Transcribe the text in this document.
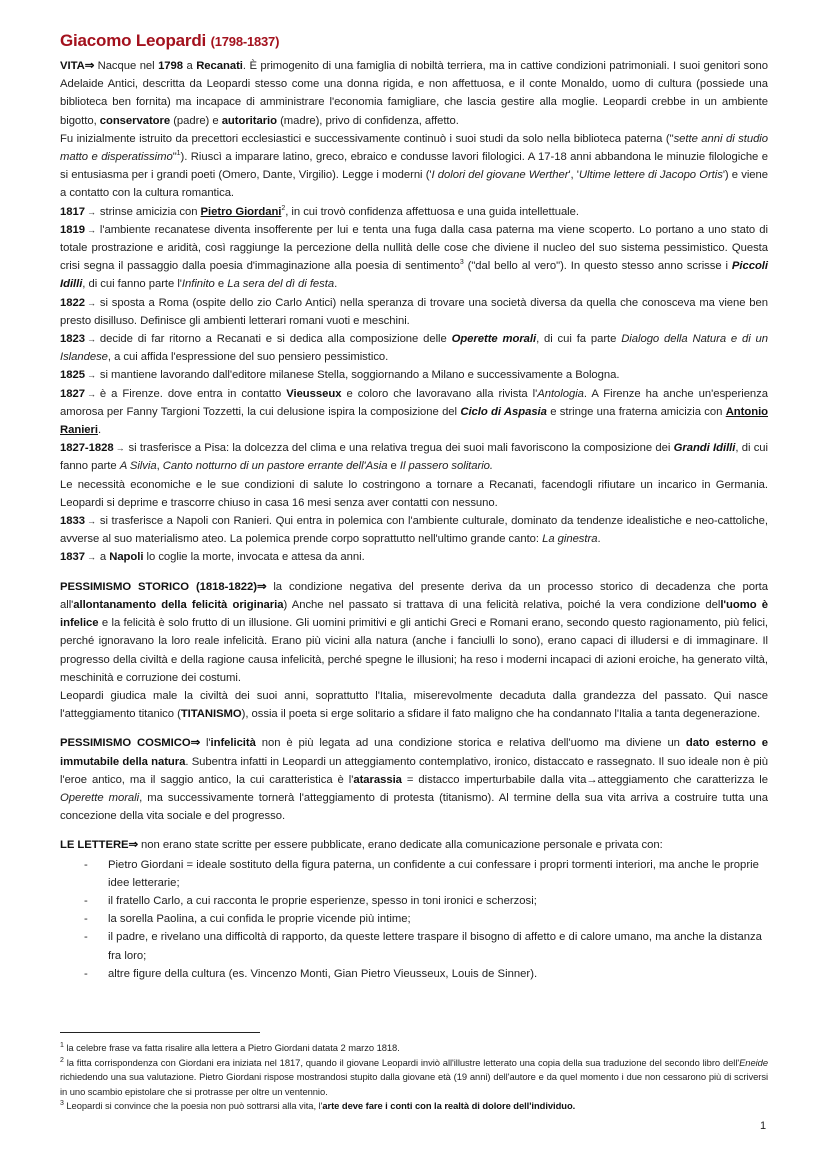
Giacomo Leopardi (1798-1837)

VITA⇒ Nacque nel 1798 a Recanati. È primogenito di una famiglia di nobiltà terriera, ma in cattive condizioni patrimoniali. I suoi genitori sono Adelaide Antici, descritta da Leopardi stesso come una donna rigida, e non affettuosa, e il conte Monaldo, uomo di cultura (possiede una biblioteca ben fornita) ma incapace di amministrare l'economia famigliare, che lascia gestire alla moglie. Leopardi crebbe in un ambiente bigotto, conservatore (padre) e autoritario (madre), privo di confidenza, affetto.

Fu inizialmente istruito da precettori ecclesiastici e successivamente continuò i suoi studi da solo nella biblioteca paterna ("sette anni di studio matto e disperatissimo"$^1$). Riuscì a imparare latino, greco, ebraico e condusse lavori filologici. A 17-18 anni abbandona le minuzie filologiche e si entusiasma per i grandi poeti (Omero, Dante, Virgilio). Legge i moderni ('I dolori del giovane Werther', 'Ultime lettere di Jacopo Ortis') e viene a contatto con la cultura romantica.

1817 → strinse amicizia con Pietro Giordani$^2$, in cui trovò confidenza affettuosa e una guida intellettuale.

1819 → l'ambiente recanatese diventa insofferente per lui e tenta una fuga dalla casa paterna ma viene scoperto. Lo portano a uno stato di totale prostrazione e aridità, così raggiunge la percezione della nullità delle cose che diviene il nucleo del suo sistema pessimistico. Questa crisi segna il passaggio dalla poesia d'immaginazione alla poesia di sentimento$^3$ ("dal bello al vero"). In questo stesso anno scrisse i Piccoli Idilli, di cui fanno parte l'Infinito e La sera del dì di festa.

1822 → si sposta a Roma (ospite dello zio Carlo Antici) nella speranza di trovare una società diversa da quella che conosceva ma viene ben presto disilluso. Definisce gli ambienti letterari romani vuoti e meschini.

1823 → decide di far ritorno a Recanati e si dedica alla composizione delle Operette morali, di cui fa parte Dialogo della Natura e di un Islandese, a cui affida l'espressione del suo pensiero pessimistico.

1825 → si mantiene lavorando dall'editore milanese Stella, soggiornando a Milano e successivamente a Bologna.

1827 → è a Firenze. dove entra in contatto Vieusseux e coloro che lavoravano alla rivista l'Antologia. A Firenze ha anche un'esperienza amorosa per Fanny Targioni Tozzetti, la cui delusione ispira la composizione del Ciclo di Aspasia e stringe una fraterna amicizia con Antonio Ranieri.

1827-1828 → si trasferisce a Pisa: la dolcezza del clima e una relativa tregua dei suoi mali favoriscono la composizione dei Grandi Idilli, di cui fanno parte A Silvia, Canto notturno di un pastore errante dell'Asia e Il passero solitario.

Le necessità economiche e le sue condizioni di salute lo costringono a tornare a Recanati, facendogli rifiutare un incarico in Germania. Leopardi si deprime e trascorre chiuso in casa 16 mesi senza aver contatti con nessuno.

1833 → si trasferisce a Napoli con Ranieri. Qui entra in polemica con l'ambiente culturale, dominato da tendenze idealistiche e neo-cattoliche, avverse al suo materialismo ateo. La polemica prende corpo soprattutto nell'ultimo grande canto: La ginestra.

1837 → a Napoli lo coglie la morte, invocata e attesa da anni.

PESSIMISMO STORICO (1818-1822)⇒ la condizione negativa del presente deriva da un processo storico di decadenza che porta all'allontanamento della felicità originaria) Anche nel passato si trattava di una felicità relativa, poiché la vera condizione dell'uomo è infelice e la felicità è solo frutto di un illusione. Gli uomini primitivi e gli antichi Greci e Romani erano, secondo questo ragionamento, più felici, perché ignoravano la loro reale infelicità. Erano più vicini alla natura (anche i fanciulli lo sono), erano capaci di illudersi e di immaginare. Il progresso della civiltà e della ragione causa infelicità, perché spegne le illusioni; ha reso i moderni incapaci di azioni eroiche, ha generato viltà, meschinità e corruzione dei costumi.

Leopardi giudica male la civiltà dei suoi anni, soprattutto l'Italia, miserevolmente decaduta dalla grandezza del passato. Qui nasce l'atteggiamento titanico (TITANISMO), ossia il poeta si erge solitario a sfidare il fato maligno che ha condannato l'Italia a tanta degenerazione.

PESSIMISMO COSMICO⇒ l'infelicità non è più legata ad una condizione storica e relativa dell'uomo ma diviene un dato esterno e immutabile della natura. Subentra infatti in Leopardi un atteggiamento contemplativo, ironico, distaccato e rassegnato. Il suo ideale non è più l'eroe antico, ma il saggio antico, la cui caratteristica è l'atarassia = distacco imperturbabile dalla vita→atteggiamento che caratterizza le Operette morali, ma successivamente tornerà l'atteggiamento di protesta (titanismo). Al termine della sua vita arriva a costruire tutta una concezione della vita sociale e del progresso.

LE LETTERE⇒ non erano state scritte per essere pubblicate, erano dedicate alla comunicazione personale e privata con:

- Pietro Giordani = ideale sostituto della figura paterna, un confidente a cui confessare i propri tormenti interiori, ma anche le proprie idee letterarie;
- il fratello Carlo, a cui racconta le proprie esperienze, spesso in toni ironici e scherzosi;
- la sorella Paolina, a cui confida le proprie vicende più intime;
- il padre, e rivelano una difficoltà di rapporto, da queste lettere traspare il bisogno di affetto e di calore umano, ma anche la distanza fra loro;
- altre figure della cultura (es. Vincenzo Monti, Gian Pietro Vieusseux, Louis de Sinner).

$^1$ la celebre frase va fatta risalire alla lettera a Pietro Giordani datata 2 marzo 1818.

$^2$ la fitta corrispondenza con Giordani era iniziata nel 1817, quando il giovane Leopardi inviò all'illustre letterato una copia della sua traduzione del secondo libro dell'Eneide richiedendo una sua valutazione. Pietro Giordani rispose mostrandosi stupito dalla giovane età (19 anni) dell'autore e da quel momento i due non cessarono più di scriversi in uno scambio epistolare che si protrasse per oltre un ventennio.

$^3$ Leopardi si convince che la poesia non può sottrarsi alla vita, l'arte deve fare i conti con la realtà di dolore dell'individuo.

1
